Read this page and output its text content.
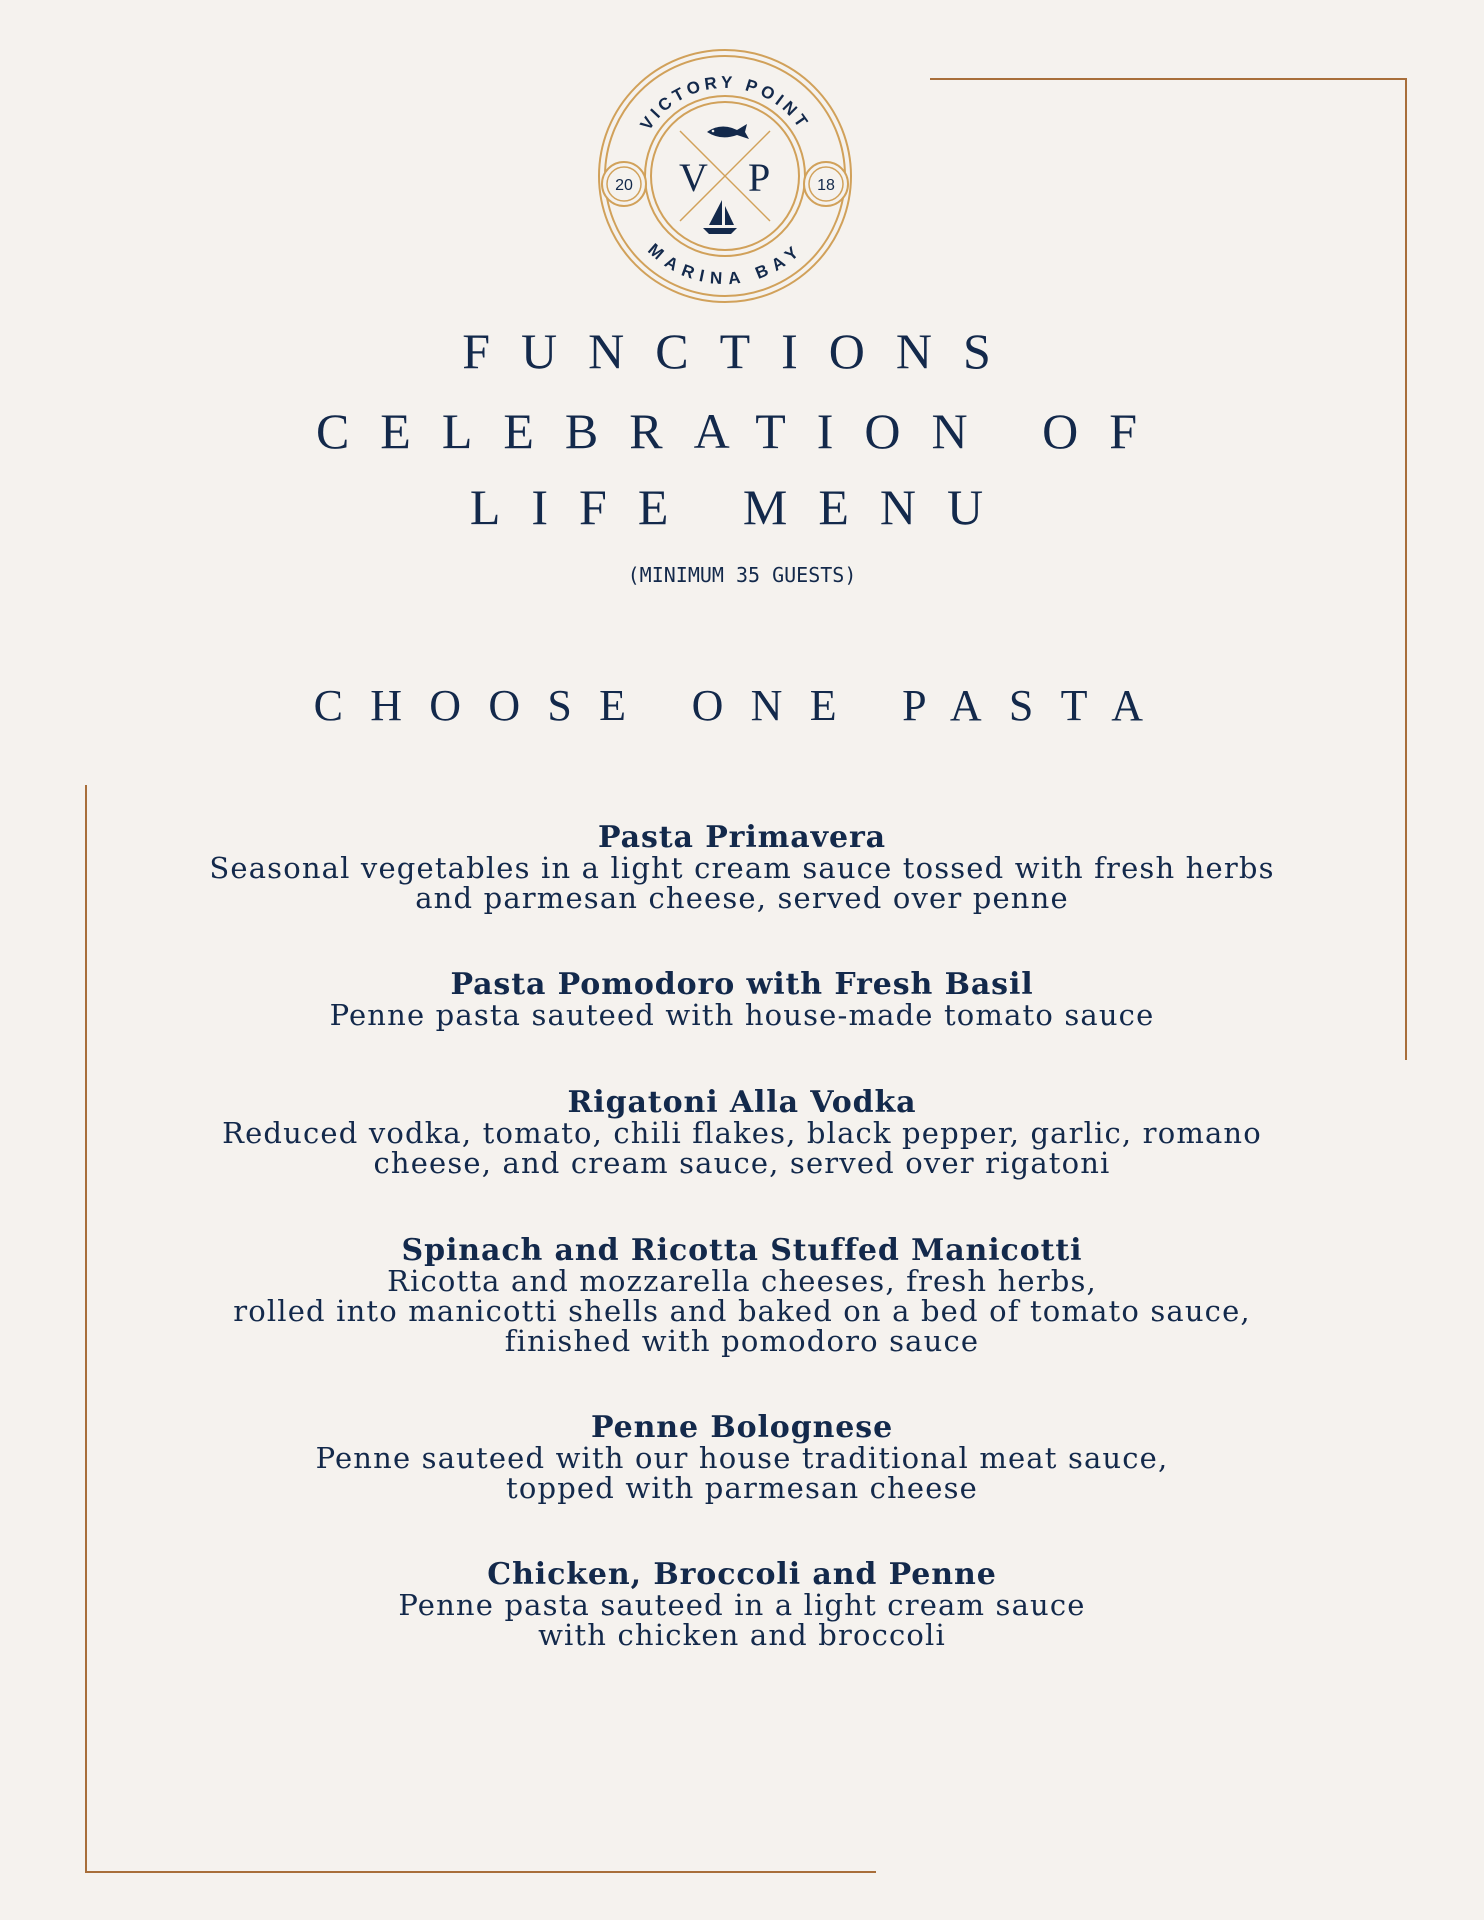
20	18
VICTORY POINT
MARINA BAY
V P
FUNCTIONS
CELEBRATION OF
LIFE MENU
(MINIMUM 35 GUESTS)
CHOOSE ONE PASTA
Pasta Primavera
Seasonal vegetables in a light cream sauce tossed with fresh herbs
and parmesan cheese, served over penne
Pasta Pomodoro with Fresh Basil
Penne pasta sauteed with house-made tomato sauce
Rigatoni Alla Vodka
Reduced vodka, tomato, chili flakes, black pepper, garlic, romano
cheese, and cream sauce, served over rigatoni
Spinach and Ricotta Stuffed Manicotti
Ricotta and mozzarella cheeses, fresh herbs,
rolled into manicotti shells and baked on a bed of tomato sauce,
finished with pomodoro sauce
Penne Bolognese
Penne sauteed with our house traditional meat sauce,
topped with parmesan cheese
Chicken, Broccoli and Penne
Penne pasta sauteed in a light cream sauce
with chicken and broccoli
